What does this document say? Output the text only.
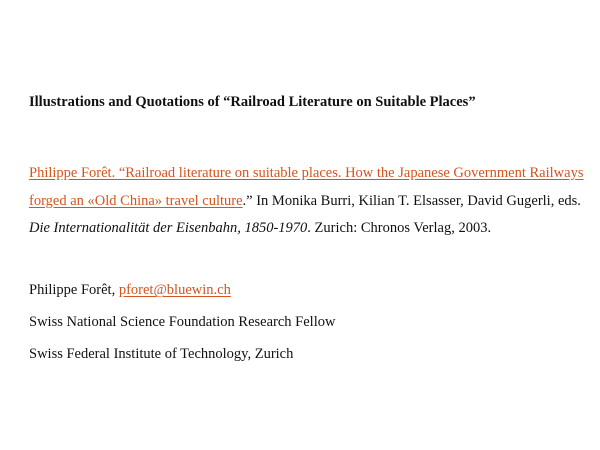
Illustrations and Quotations of “Railroad Literature on Suitable Places”
Philippe Forêt. “Railroad literature on suitable places. How the Japanese Government Railways forged an «Old China» travel culture.” In Monika Burri, Kilian T. Elsasser, David Gugerli, eds. Die Internationalität der Eisenbahn, 1850-1970. Zurich: Chronos Verlag, 2003.
Philippe Forêt, pforet@bluewin.ch
Swiss National Science Foundation Research Fellow
Swiss Federal Institute of Technology, Zurich
